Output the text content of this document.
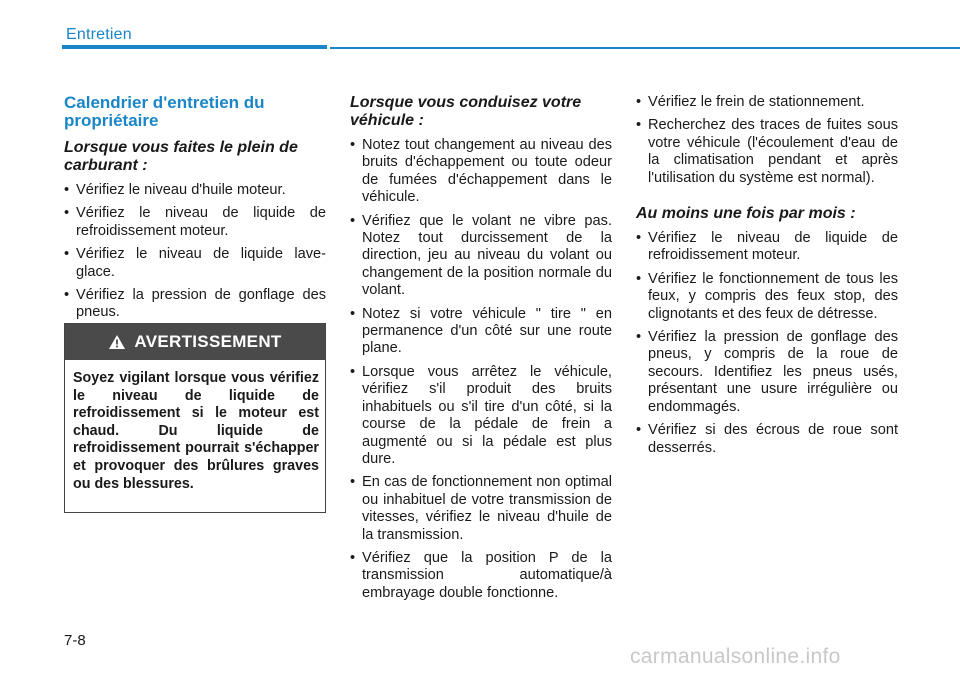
Entretien
Calendrier d'entretien du propriétaire
Lorsque vous faites le plein de carburant :
• Vérifiez le niveau d'huile moteur.
• Vérifiez le niveau de liquide de refroidissement moteur.
• Vérifiez le niveau de liquide lave-glace.
• Vérifiez la pression de gonflage des pneus.
AVERTISSEMENT
Soyez vigilant lorsque vous vérifiez le niveau de liquide de refroidissement si le moteur est chaud. Du liquide de refroidissement pourrait s'échapper et provoquer des brûlures graves ou des blessures.
Lorsque vous conduisez votre véhicule :
• Notez tout changement au niveau des bruits d'échappement ou toute odeur de fumées d'échappement dans le véhicule.
• Vérifiez que le volant ne vibre pas. Notez tout durcissement de la direction, jeu au niveau du volant ou changement de la position normale du volant.
• Notez si votre véhicule " tire " en permanence d'un côté sur une route plane.
• Lorsque vous arrêtez le véhicule, vérifiez s'il produit des bruits inhabituels ou s'il tire d'un côté, si la course de la pédale de frein a augmenté ou si la pédale est plus dure.
• En cas de fonctionnement non optimal ou inhabituel de votre transmission de vitesses, vérifiez le niveau d'huile de la transmission.
• Vérifiez que la position P de la transmission automatique/à embrayage double fonctionne.
• Vérifiez le frein de stationnement.
• Recherchez des traces de fuites sous votre véhicule (l'écoulement d'eau de la climatisation pendant et après l'utilisation du système est normal).
Au moins une fois par mois :
• Vérifiez le niveau de liquide de refroidissement moteur.
• Vérifiez le fonctionnement de tous les feux, y compris des feux stop, des clignotants et des feux de détresse.
• Vérifiez la pression de gonflage des pneus, y compris de la roue de secours. Identifiez les pneus usés, présentant une usure irrégulière ou endommagés.
• Vérifiez si des écrous de roue sont desserrés.
7-8
carmanualsonline.info
